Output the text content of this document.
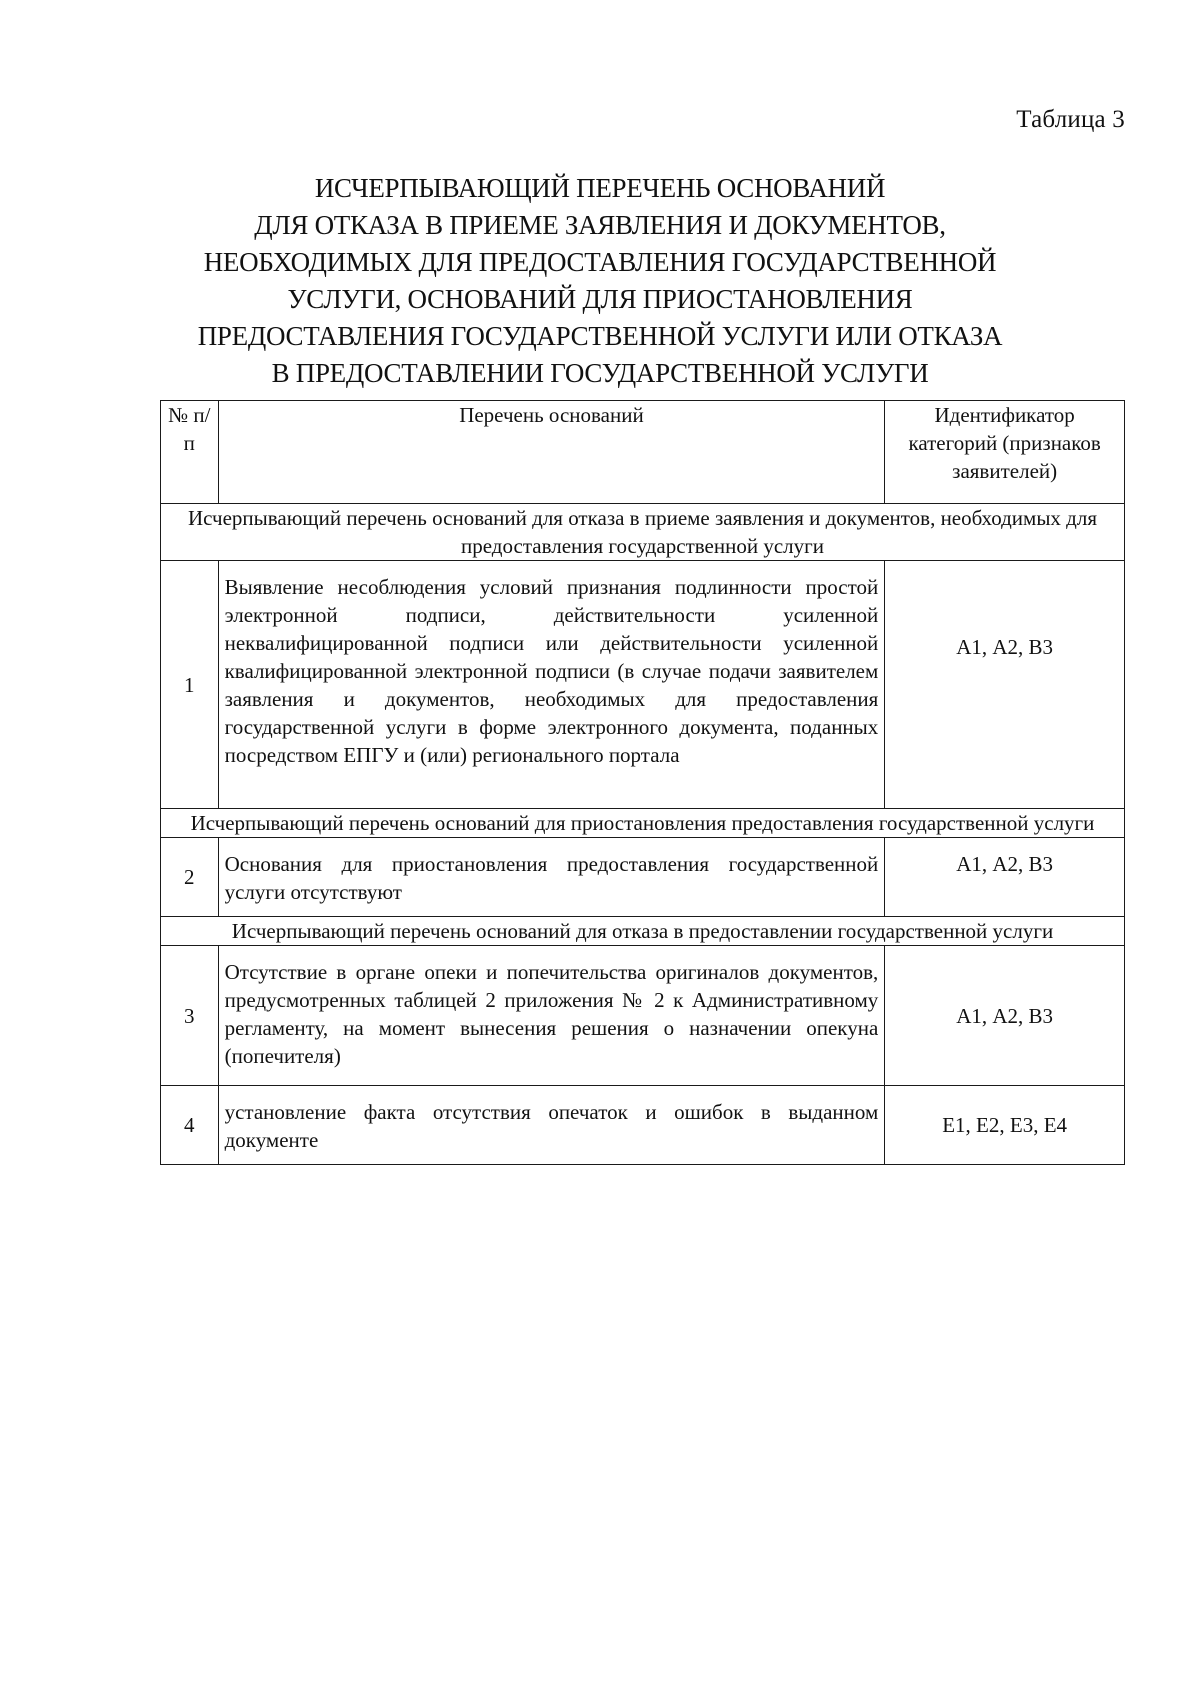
Таблица 3
ИСЧЕРПЫВАЮЩИЙ ПЕРЕЧЕНЬ ОСНОВАНИЙ
ДЛЯ ОТКАЗА В ПРИЕМЕ ЗАЯВЛЕНИЯ И ДОКУМЕНТОВ,
НЕОБХОДИМЫХ ДЛЯ ПРЕДОСТАВЛЕНИЯ ГОСУДАРСТВЕННОЙ
УСЛУГИ, ОСНОВАНИЙ ДЛЯ ПРИОСТАНОВЛЕНИЯ
ПРЕДОСТАВЛЕНИЯ ГОСУДАРСТВЕННОЙ УСЛУГИ ИЛИ ОТКАЗА
В ПРЕДОСТАВЛЕНИИ ГОСУДАРСТВЕННОЙ УСЛУГИ
№ п/п	Перечень оснований	Идентификатор категорий (признаков заявителей)
Исчерпывающий перечень оснований для отказа в приеме заявления и документов, необходимых для предоставления государственной услуги		
1	Выявление несоблюдения условий признания подлинности простой электронной подписи, действительности усиленной неквалифицированной подписи или действительности усиленной квалифицированной электронной подписи (в случае подачи заявителем заявления и документов, необходимых для предоставления государственной услуги в форме электронного документа, поданных посредством ЕПГУ и (или) регионального портала	А1, А2, В3
Исчерпывающий перечень оснований для приостановления предоставления государственной услуги		
2	Основания для приостановления предоставления государственной услуги отсутствуют	А1, А2, В3
Исчерпывающий перечень оснований для отказа в предоставлении государственной услуги		
3	Отсутствие в органе опеки и попечительства оригиналов документов, предусмотренных таблицей 2 приложения № 2 к Административному регламенту, на момент вынесения решения о назначении опекуна (попечителя)	А1, А2, В3
4	установление факта отсутствия опечаток и ошибок в выданном документе	Е1, Е2, Е3, Е4
